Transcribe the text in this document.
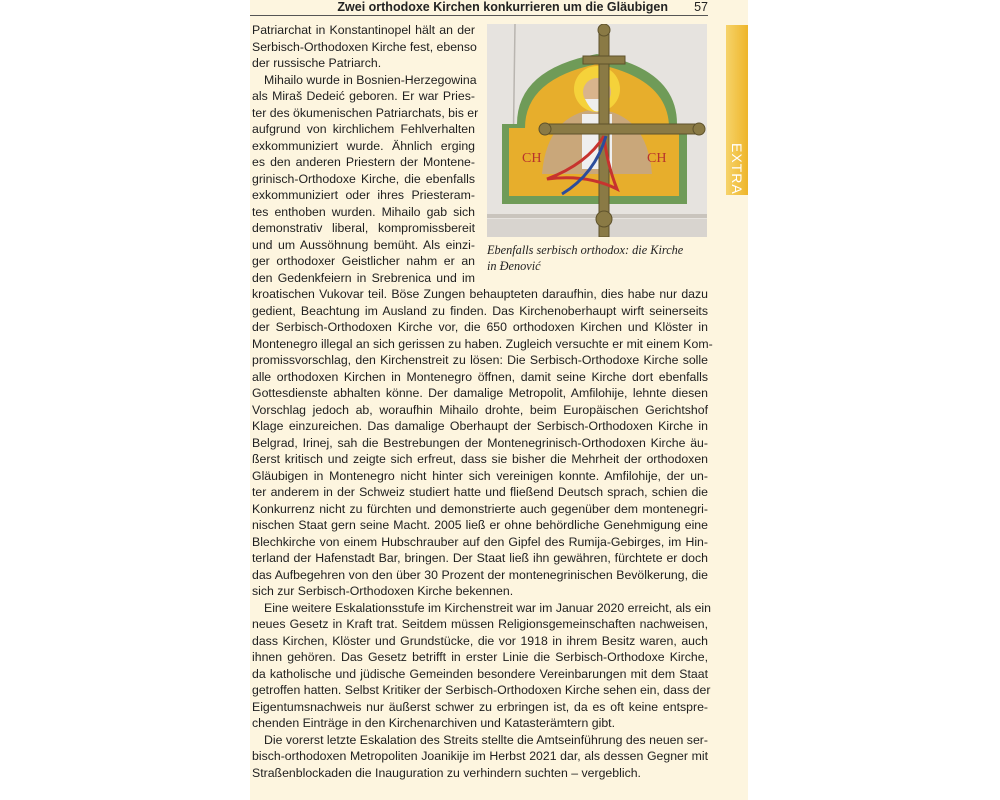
Zwei orthodoxe Kirchen konkurrieren um die Gläubigen 57
EXTRA
CH	CH
Ebenfalls serbisch orthodox: die Kirche
in Đenović
Patriarchat in Konstantinopel hält an der
Serbisch-Orthodoxen Kirche fest, ebenso
der russische Patriarch.
Mihailo wurde in Bosnien-Herzegowina
als Miraš Dedeić geboren. Er war Pries-
ter des ökumenischen Patriarchats, bis er
aufgrund von kirchlichem Fehlverhalten
exkommuniziert wurde. Ähnlich erging
es den anderen Priestern der Montene-
grinisch-Orthodoxe Kirche, die ebenfalls
exkommuniziert oder ihres Priesteram-
tes enthoben wurden. Mihailo gab sich
demonstrativ liberal, kompromissbereit
und um Aussöhnung bemüht. Als einzi-
ger orthodoxer Geistlicher nahm er an
den Gedenkfeiern in Srebrenica und im
kroatischen Vukovar teil. Böse Zungen behaupteten daraufhin, dies habe nur dazu
gedient, Beachtung im Ausland zu finden. Das Kirchenoberhaupt wirft seinerseits
der Serbisch-Orthodoxen Kirche vor, die 650 orthodoxen Kirchen und Klöster in
Montenegro illegal an sich gerissen zu haben. Zugleich versuchte er mit einem Kom-
promissvorschlag, den Kirchenstreit zu lösen: Die Serbisch-Orthodoxe Kirche solle
alle orthodoxen Kirchen in Montenegro öffnen, damit seine Kirche dort ebenfalls
Gottesdienste abhalten könne. Der damalige Metropolit, Amfilohije, lehnte diesen
Vorschlag jedoch ab, woraufhin Mihailo drohte, beim Europäischen Gerichtshof
Klage einzureichen. Das damalige Oberhaupt der Serbisch-Orthodoxen Kirche in
Belgrad, Irinej, sah die Bestrebungen der Montenegrinisch-Orthodoxen Kirche äu-
ßerst kritisch und zeigte sich erfreut, dass sie bisher die Mehrheit der orthodoxen
Gläubigen in Montenegro nicht hinter sich vereinigen konnte. Amfilohije, der un-
ter anderem in der Schweiz studiert hatte und fließend Deutsch sprach, schien die
Konkurrenz nicht zu fürchten und demonstrierte auch gegenüber dem montenegri-
nischen Staat gern seine Macht. 2005 ließ er ohne behördliche Genehmigung eine
Blechkirche von einem Hubschrauber auf den Gipfel des Rumija-Gebirges, im Hin-
terland der Hafenstadt Bar, bringen. Der Staat ließ ihn gewähren, fürchtete er doch
das Aufbegehren von den über 30 Prozent der montenegrinischen Bevölkerung, die
sich zur Serbisch-Orthodoxen Kirche bekennen.
Eine weitere Eskalationsstufe im Kirchenstreit war im Januar 2020 erreicht, als ein
neues Gesetz in Kraft trat. Seitdem müssen Religionsgemeinschaften nachweisen,
dass Kirchen, Klöster und Grundstücke, die vor 1918 in ihrem Besitz waren, auch
ihnen gehören. Das Gesetz betrifft in erster Linie die Serbisch-Orthodoxe Kirche,
da katholische und jüdische Gemeinden besondere Vereinbarungen mit dem Staat
getroffen hatten. Selbst Kritiker der Serbisch-Orthodoxen Kirche sehen ein, dass der
Eigentumsnachweis nur äußerst schwer zu erbringen ist, da es oft keine entspre-
chenden Einträge in den Kirchenarchiven und Katasterämtern gibt.
Die vorerst letzte Eskalation des Streits stellte die Amtseinführung des neuen ser-
bisch-orthodoxen Metropoliten Joanikije im Herbst 2021 dar, als dessen Gegner mit
Straßenblockaden die Inauguration zu verhindern suchten – vergeblich.
